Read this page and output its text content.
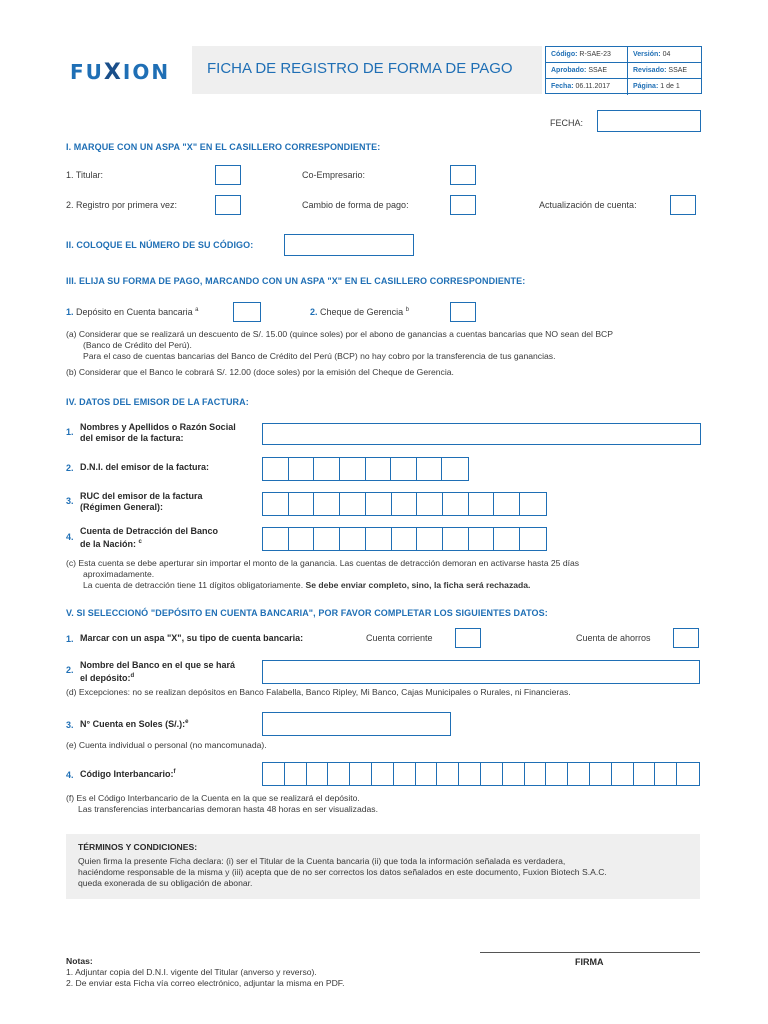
FUXION FICHA DE REGISTRO DE FORMA DE PAGO
Código: R-SAE-23	Versión: 04
Aprobado: SSAE	Revisado: SSAE
Fecha: 06.11.2017	Página: 1 de 1
FECHA:
I. MARQUE CON UN ASPA "X" EN EL CASILLERO CORRESPONDIENTE:
1. Titular:	Co-Empresario:
2. Registro por primera vez:	Cambio de forma de pago:	Actualización de cuenta:
II. COLOQUE EL NÚMERO DE SU CÓDIGO:
III. ELIJA SU FORMA DE PAGO, MARCANDO CON UN ASPA "X" EN EL CASILLERO CORRESPONDIENTE:
1. Depósito en Cuenta bancaria $^a$	2. Cheque de Gerencia $^b$
(a) Considerar que se realizará un descuento de S/. 15.00 (quince soles) por el abono de ganancias a cuentas bancarias que NO sean del BCP
(Banco de Crédito del Perú).
Para el caso de cuentas bancarias del Banco de Crédito del Perú (BCP) no hay cobro por la transferencia de tus ganancias.
(b) Considerar que el Banco le cobrará S/. 12.00 (doce soles) por la emisión del Cheque de Gerencia.
IV. DATOS DEL EMISOR DE LA FACTURA:
1. Nombres y Apellidos o Razón Social
del emisor de la factura:
2. D.N.I. del emisor de la factura:
3. RUC del emisor de la factura
(Régimen General):
4.
Cuenta de Detracción del Banco
de la Nación: $^c$
(c) Esta cuenta se debe aperturar sin importar el monto de la ganancia. Las cuentas de detracción demoran en activarse hasta 25 días
aproximadamente.
La cuenta de detracción tiene 11 dígitos obligatoriamente. Se debe enviar completo, sino, la ficha será rechazada.
V. SI SELECCIONÓ "DEPÓSITO EN CUENTA BANCARIA", POR FAVOR COMPLETAR LOS SIGUIENTES DATOS:
1. Marcar con un aspa "X", su tipo de cuenta bancaria:	Cuenta corriente	Cuenta de ahorros
2. Nombre del Banco en el que se hará
el depósito:$^d$
(d) Excepciones: no se realizan depósitos en Banco Falabella, Banco Ripley, Mi Banco, Cajas Municipales o Rurales, ni Financieras.
3. N° Cuenta en Soles (S/.):$^e$
(e) Cuenta individual o personal (no mancomunada).
4. Código Interbancario:$^f$
(f) Es el Código Interbancario de la Cuenta en la que se realizará el depósito.
Las transferencias interbancarias demoran hasta 48 horas en ser visualizadas.
TÉRMINOS Y CONDICIONES:
Quien firma la presente Ficha declara: (i) ser el Titular de la Cuenta bancaria (ii) que toda la información señalada es verdadera,
haciéndome responsable de la misma y (iii) acepta que de no ser correctos los datos señalados en este documento, Fuxion Biotech S.A.C.
queda exonerada de su obligación de abonar.
Notas:
1. Adjuntar copia del D.N.I. vigente del Titular (anverso y reverso).
2. De enviar esta Ficha vía correo electrónico, adjuntar la misma en PDF.
FIRMA
